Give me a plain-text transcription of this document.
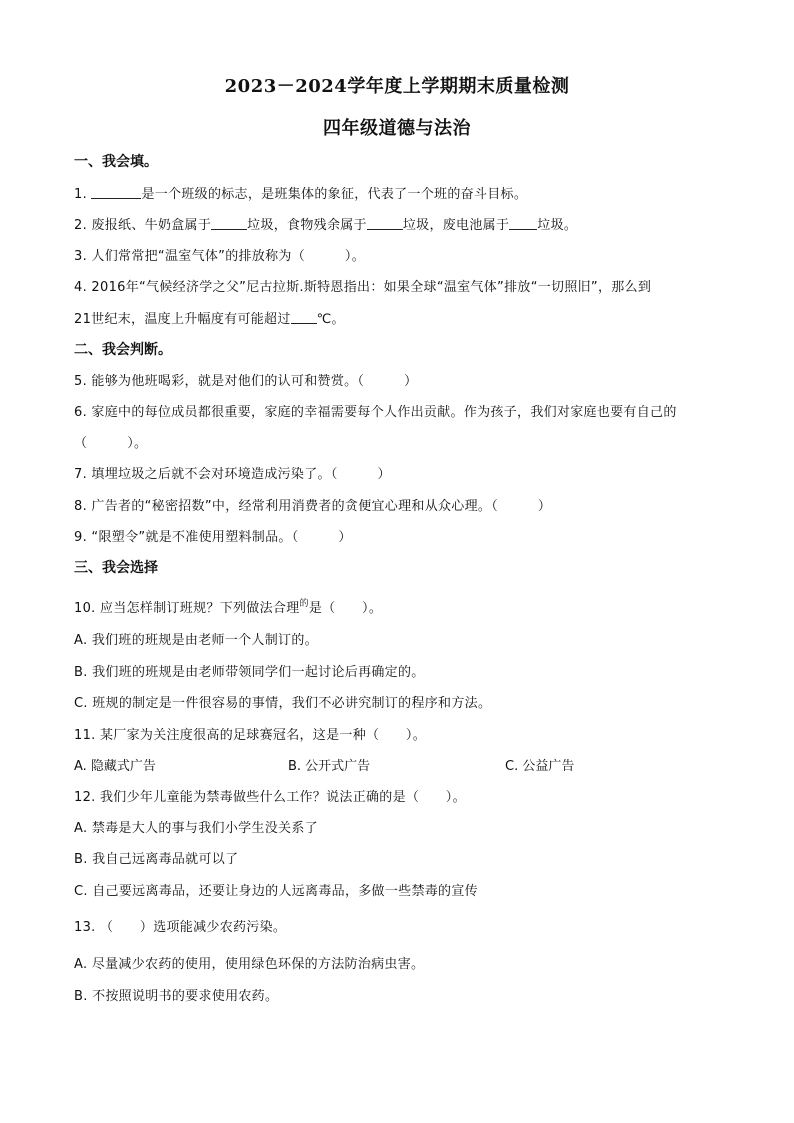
2023－2024学年度上学期期末质量检测
四年级道德与法治
一、我会填。
1.	是一个班级的标志，是班集体的象征，代表了一个班的奋斗目标。
2. 废报纸、牛奶盒属于	垃圾，食物残余属于	垃圾，废电池属于 垃圾。
3. 人们常常把“温室气体”的排放称为（　　　）。
4. 2016年“气候经济学之父”尼古拉斯.斯特恩指出：如果全球“温室气体”排放“一切照旧”，那么到
21世纪末，温度上升幅度有可能超过 ℃。
二、我会判断。
5. 能够为他班喝彩，就是对他们的认可和赞赏。（　　　）
6. 家庭中的每位成员都很重要，家庭的幸福需要每个人作出贡献。作为孩子，我们对家庭也要有自己的
（　　　）。
7. 填埋垃圾之后就不会对环境造成污染了。（　　　）
8. 广告者的“秘密招数”中，经常利用消费者的贪便宜心理和从众心理。（　　　）
9. “限塑令”就是不准使用塑料制品。（　　　）
三、我会选择
10. 应当怎样制订班规？下列做法合理$^的$是（　　）。
A. 我们班的班规是由老师一个人制订的。
B. 我们班的班规是由老师带领同学们一起讨论后再确定的。
C. 班规的制定是一件很容易的事情，我们不必讲究制订的程序和方法。
11. 某厂家为关注度很高的足球赛冠名，这是一种（　　）。
A. 隐藏式广告	B. 公开式广告	C. 公益广告
12. 我们少年儿童能为禁毒做些什么工作？说法正确的是（　　）。
A. 禁毒是大人的事与我们小学生没关系了
B. 我自己远离毒品就可以了
C. 自己要远离毒品，还要让身边的人远离毒品，多做一些禁毒的宣传
13. （　　）选项能减少农药污染。
A. 尽量减少农药的使用，使用绿色环保的方法防治病虫害。
B. 不按照说明书的要求使用农药。
